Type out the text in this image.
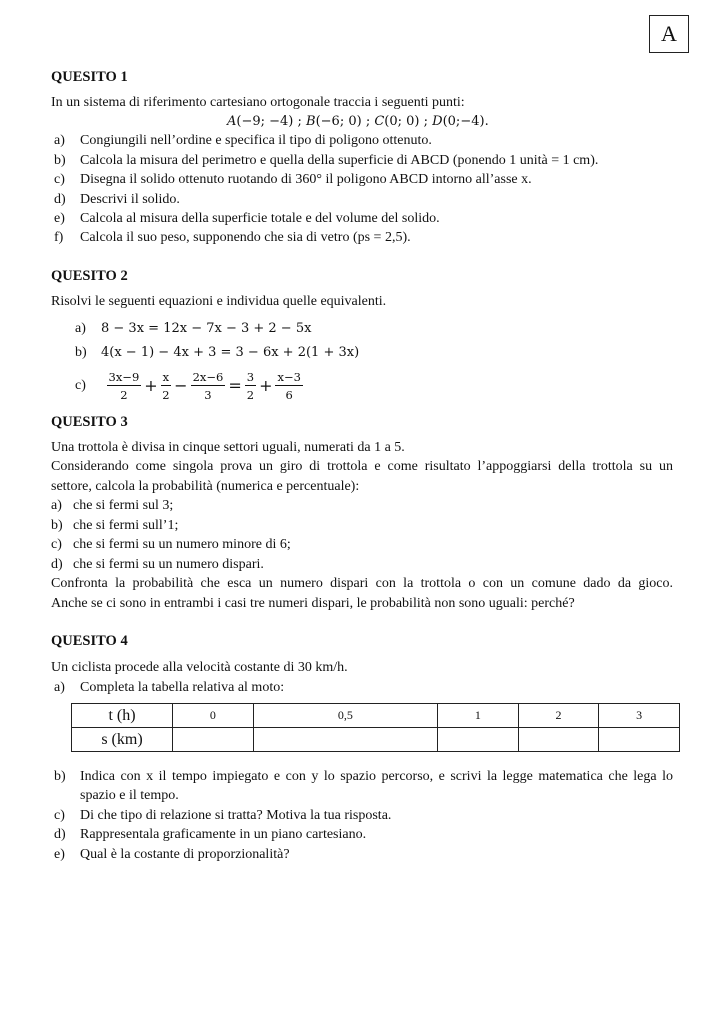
A
QUESITO 1
In un sistema di riferimento cartesiano ortogonale traccia i seguenti punti:
A(−9; −4) ; B(−6; 0) ; C(0; 0) ; D(0;−4).
a) Congiungili nell’ordine e specifica il tipo di poligono ottenuto.
b) Calcola la misura del perimetro e quella della superficie di ABCD (ponendo 1 unità = 1 cm).
c) Disegna il solido ottenuto ruotando di 360° il poligono ABCD intorno all’asse x.
d) Descrivi il solido.
e) Calcola al misura della superficie totale e del volume del solido.
f) Calcola il suo peso, supponendo che sia di vetro (ps = 2,5).
QUESITO 2
Risolvi le seguenti equazioni e individua quelle equivalenti.
a) 8 − 3x = 12x − 7x − 3 + 2 − 5x
b) 4(x − 1) − 4x + 3 = 3 − 6x + 2(1 + 3x)
$c) \frac{3x-9}{2} + \frac{x}{2} - \frac{2x-6}{3} = \frac{3}{2} + \frac{x-3}{6}$
QUESITO 3
Una trottola è divisa in cinque settori uguali, numerati da 1 a 5.
Considerando come singola prova un giro di trottola e come risultato l’appoggiarsi della trottola su un
settore, calcola la probabilità (numerica e percentuale):
a) che si fermi sul 3;
b) che si fermi sull’1;
c) che si fermi su un numero minore di 6;
d) che si fermi su un numero dispari.
Confronta la probabilità che esca un numero dispari con la trottola o con un comune dado da gioco.
Anche se ci sono in entrambi i casi tre numeri dispari, le probabilità non sono uguali: perché?
QUESITO 4
Un ciclista procede alla velocità costante di 30 km/h.
a) Completa la tabella relativa al moto:
t (h)	0	0,5	1	2	3
s (km)					
b) Indica con x il tempo impiegato e con y lo spazio percorso, e scrivi la legge matematica che lega lo
spazio e il tempo.
c) Di che tipo di relazione si tratta? Motiva la tua risposta.
d) Rappresentala graficamente in un piano cartesiano.
e) Qual è la costante di proporzionalità?
